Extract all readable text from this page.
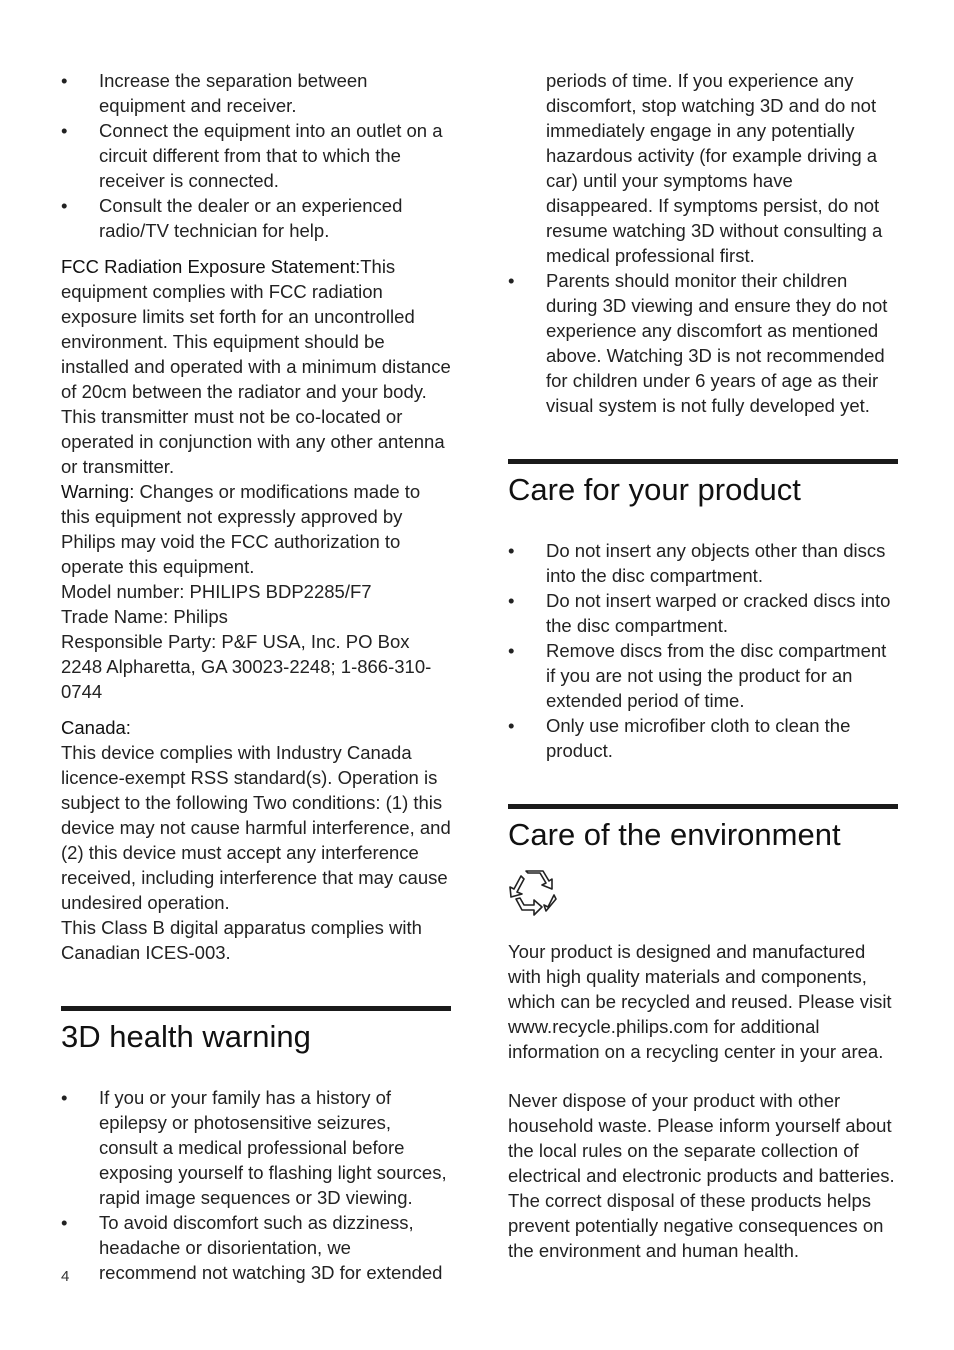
• Increase the separation between equipment and receiver.
• Connect the equipment into an outlet on a circuit different from that to which the receiver is connected.
• Consult the dealer or an experienced radio/TV technician for help.

FCC Radiation Exposure Statement:This equipment complies with FCC radiation exposure limits set forth for an uncontrolled environment. This equipment should be installed and operated with a minimum distance of 20cm between the radiator and your body.

This transmitter must not be co-located or operated in conjunction with any other antenna or transmitter.

Warning: Changes or modifications made to this equipment not expressly approved by Philips may void the FCC authorization to operate this equipment.

Model number: PHILIPS BDP2285/F7

Trade Name: Philips

Responsible Party: P&F USA, Inc. PO Box 2248 Alpharetta, GA 30023-2248; 1-866-310-0744

Canada:

This device complies with Industry Canada licence-exempt RSS standard(s). Operation is subject to the following Two conditions: (1) this device may not cause harmful interference, and (2) this device must accept any interference received, including interference that may cause undesired operation.

This Class B digital apparatus complies with Canadian ICES-003.

3D health warning
• If you or your family has a history of epilepsy or photosensitive seizures, consult a medical professional before exposing yourself to flashing light sources, rapid image sequences or 3D viewing.
• To avoid discomfort such as dizziness, headache or disorientation, we recommend not watching 3D for extended

periods of time. If you experience any discomfort, stop watching 3D and do not immediately engage in any potentially hazardous activity (for example driving a car) until your symptoms have disappeared. If symptoms persist, do not resume watching 3D without consulting a medical professional first.

• Parents should monitor their children during 3D viewing and ensure they do not experience any discomfort as mentioned above. Watching 3D is not recommended for children under 6 years of age as their visual system is not fully developed yet.
Care for your product
• Do not insert any objects other than discs into the disc compartment.
• Do not insert warped or cracked discs into the disc compartment.
• Remove discs from the disc compartment if you are not using the product for an extended period of time.
• Only use microfiber cloth to clean the product.
Care of the environment

Your product is designed and manufactured with high quality materials and components, which can be recycled and reused. Please visit www.recycle.philips.com for additional information on a recycling center in your area.

Never dispose of your product with other household waste. Please inform yourself about the local rules on the separate collection of electrical and electronic products and batteries. The correct disposal of these products helps prevent potentially negative consequences on the environment and human health.

4
